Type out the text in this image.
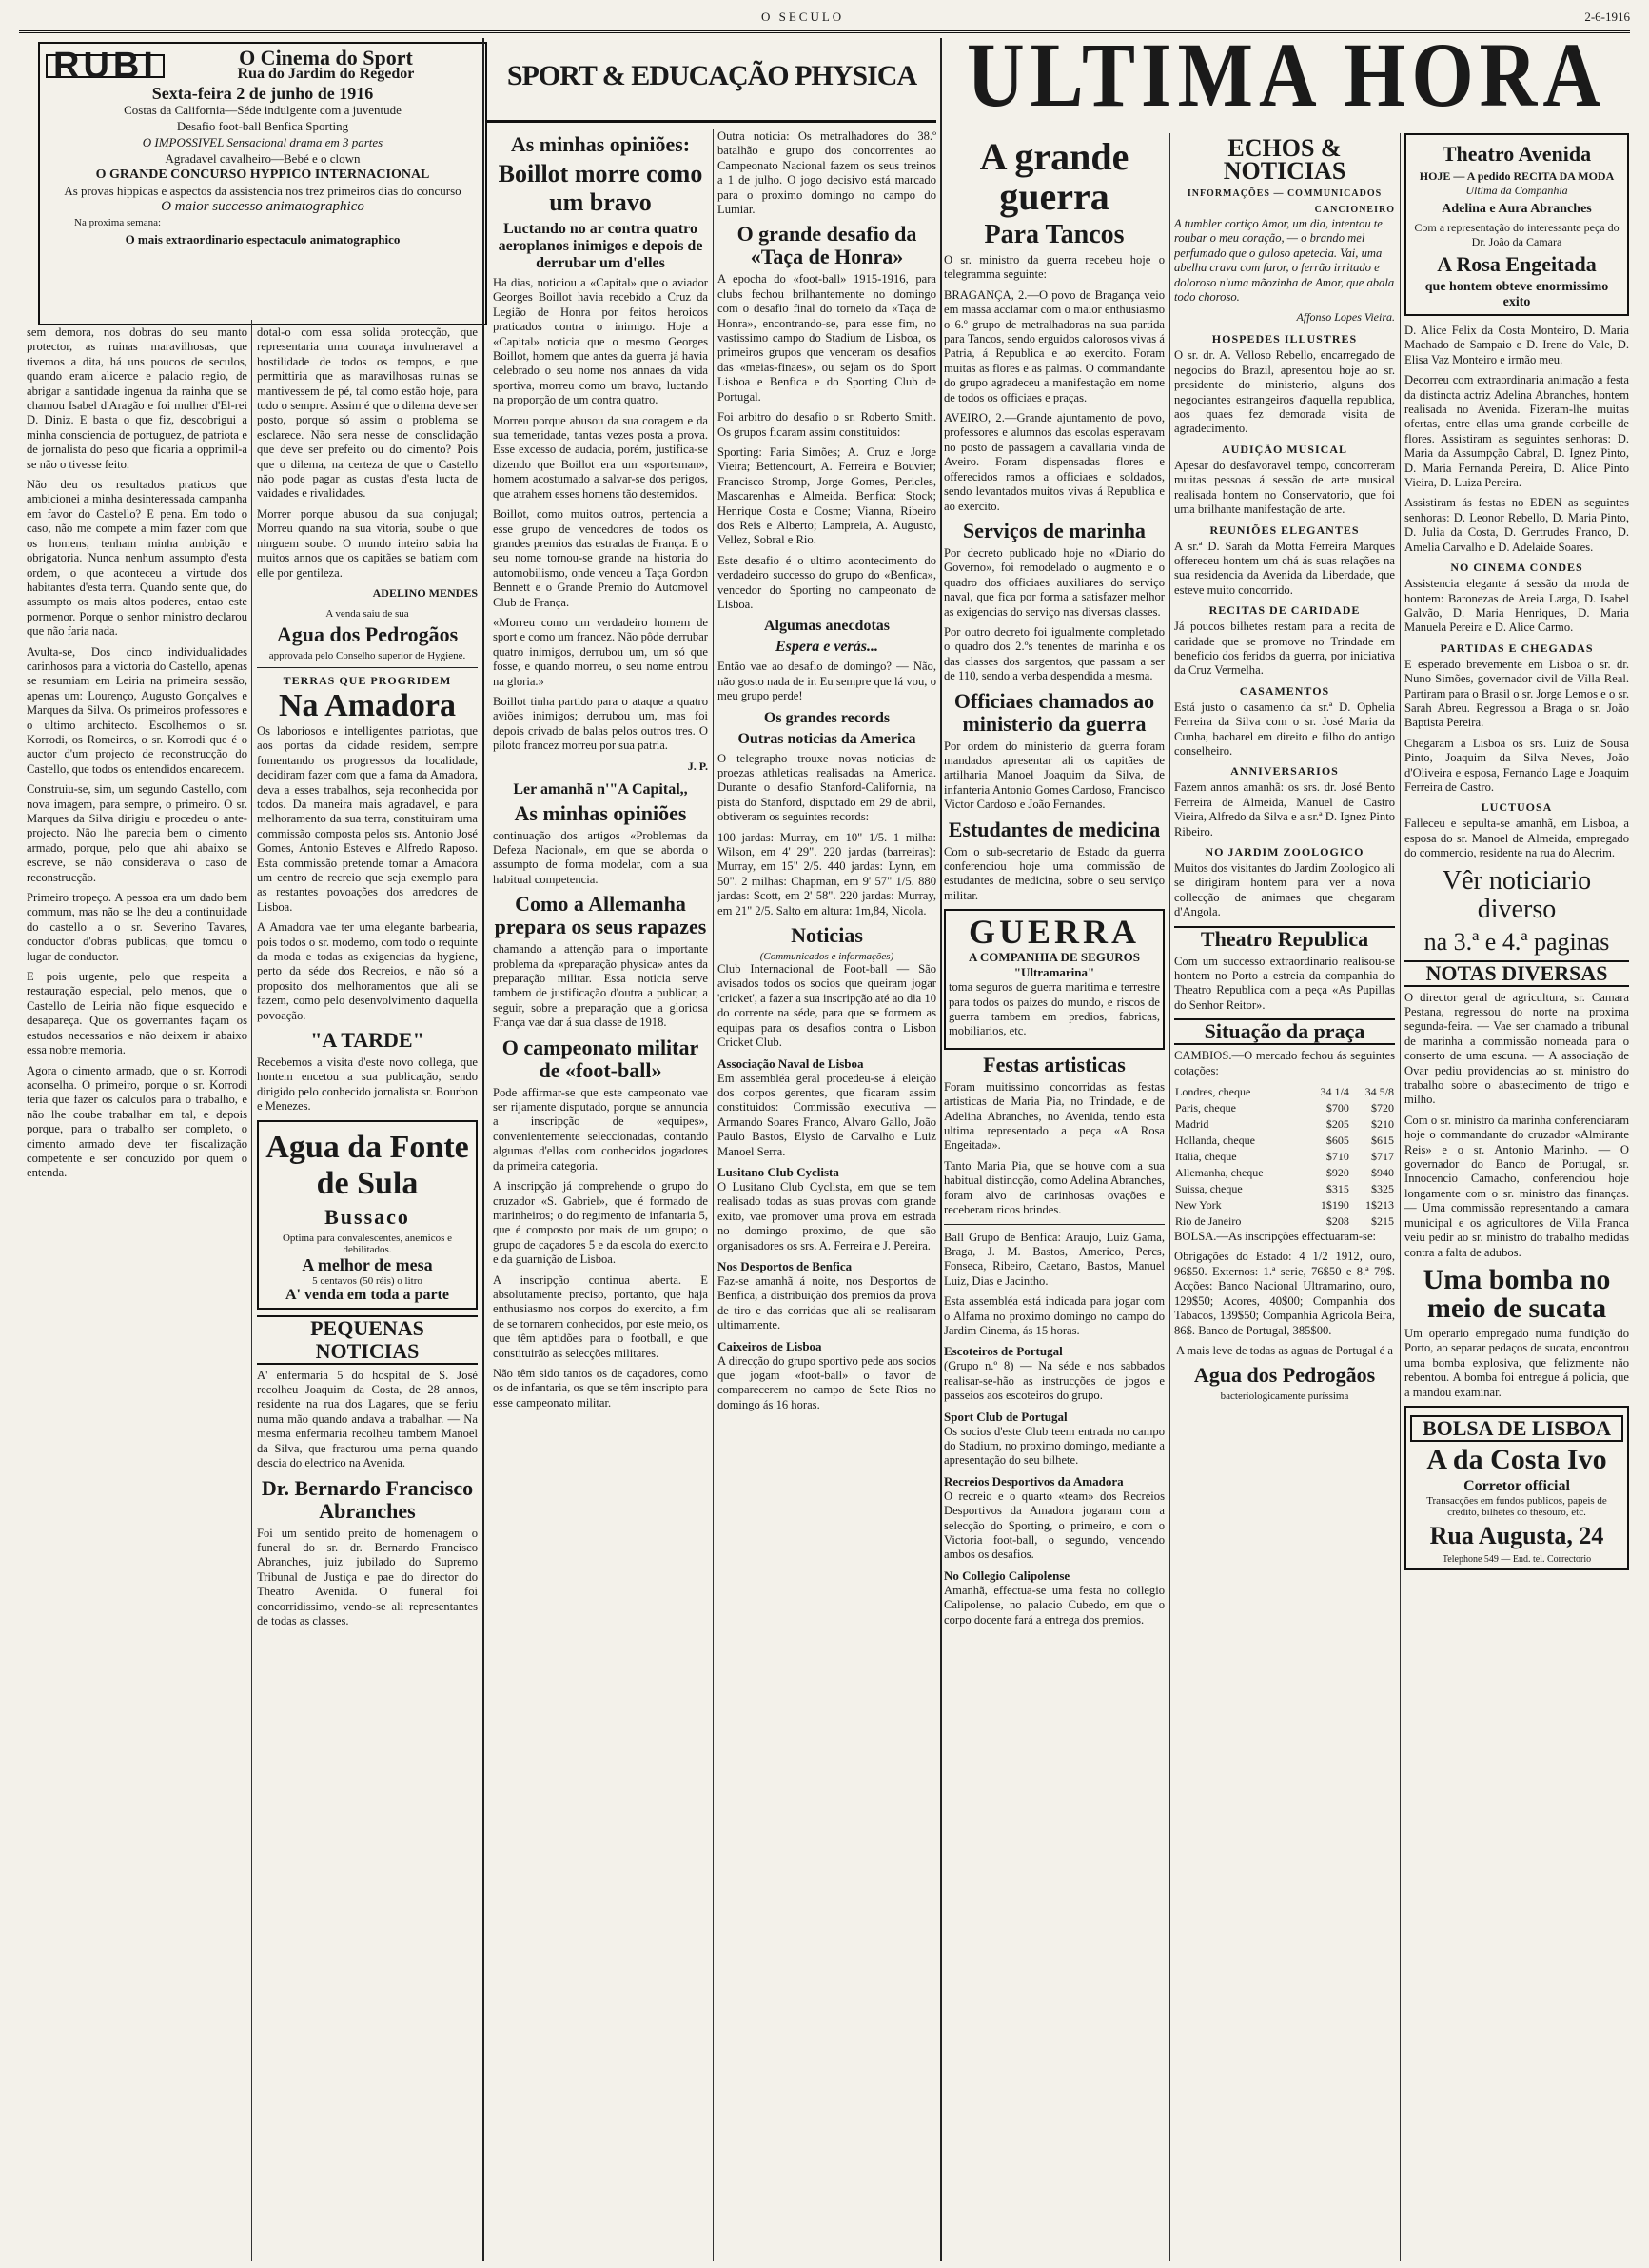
O SECULO	2-6-1916
RUBI	O Cinema do Sport
Rua do Jardim do Regedor
Sexta-feira 2 de junho de 1916
Costas da California—Séde indulgente com a juventude
Desafio foot-ball Benfica Sporting
O IMPOSSIVEL Sensacional drama em 3 partes
Agradavel cavalheiro—Bebé e o clown
O GRANDE CONCURSO HYPPICO INTERNACIONAL
As provas hippicas e aspectos da assistencia nos trez primeiros dias do concurso
O maior successo animatographico
Na proxima semana:
O mais extraordinario espectaculo animatographico

sem demora, nos dobras do seu manto protector, as ruinas maravilhosas, que tivemos a dita, há uns poucos de seculos, quando eram alicerce e palacio regio, de abrigar a santidade ingenua da rainha que se chamou Isabel d'Aragão e foi mulher d'El-rei D. Diniz. E basta o que fiz, descobrigui a minha consciencia de portuguez, de patriota e de jornalista do peso que ficaria a opprimil-a se não o tivesse feito.

Não deu os resultados praticos que ambicionei a minha desinteressada campanha em favor do Castello? E pena. Em todo o caso, não me compete a mim fazer com que os homens, tenham minha ambição e obrigatoria. Nunca nenhum assumpto d'esta ordem, o que aconteceu a virtude dos habitantes d'esta terra. Quando sente que, do assumpto os mais altos poderes, entao este pormenor. Porque o senhor ministro declarou que não faria nada.

Avulta-se, Dos cinco individualidades carinhosos para a victoria do Castello, apenas se resumiam em Leiria na primeira sessão, apenas um: Lourenço, Augusto Gonçalves e Marques da Silva. Os primeiros professores e o ultimo architecto. Escolhemos o sr. Korrodi, os Romeiros, o sr. Korrodi que é o auctor d'um projecto de reconstrucção do Castello, que todos os entendidos encarecem.

Construiu-se, sim, um segundo Castello, com nova imagem, para sempre, o primeiro. O sr. Marques da Silva dirigiu e procedeu o ante-projecto. Não lhe parecia bem o cimento armado, porque, pelo que ahi abaixo se escreve, se não considerava o caso de reconstrucção.

Primeiro tropeço. A pessoa era um dado bem commum, mas não se lhe deu a continuidade do castello a o sr. Severino Tavares, conductor d'obras publicas, que tomou o lugar de conductor.

E pois urgente, pelo que respeita a restauração especial, pelo menos, que o Castello de Leiria não fique esquecido e desapareça. Que os governantes façam os estudos necessarios e não deixem ir abaixo essa nobre memoria.

Agora o cimento armado, que o sr. Korrodi aconselha. O primeiro, porque o sr. Korrodi teria que fazer os calculos para o trabalho, e não lhe coube trabalhar em tal, e depois porque, para o trabalho ser completo, o cimento armado deve ter fiscalização competente e ser conduzido por quem o entenda.

dotal-o com essa solida protecção, que representaria uma couraça invulneravel a hostilidade de todos os tempos, e que permittiria que as maravilhosas ruinas se mantivessem de pé, tal como estão hoje, para todo o sempre. Assim é que o dilema deve ser posto, porque só assim o problema se esclarece. Não sera nesse de consolidação que deve ser prefeito ou do cimento? Pois que o dilema, na certeza de que o Castello não pode pagar as custas d'esta lucta de vaidades e rivalidades.

Morrer porque abusou da sua conjugal; Morreu quando na sua vitoria, soube o que ninguem soube. O mundo inteiro sabia ha muitos annos que os capitães se batiam com elle por gentileza.

ADELINO MENDES
A venda saiu de sua
Agua dos Pedrogãos
approvada pelo Conselho superior de Hygiene.
TERRAS QUE PROGRIDEM
Na Amadora

Os laboriosos e intelligentes patriotas, que aos portas da cidade residem, sempre fomentando os progressos da localidade, decidiram fazer com que a fama da Amadora, deva a esses trabalhos, seja reconhecida por todos. Da maneira mais agradavel, e para melhoramento da sua terra, constituiram uma commissão composta pelos srs. Antonio José Gomes, Antonio Esteves e Alfredo Raposo. Esta commissão pretende tornar a Amadora um centro de recreio que seja exemplo para as restantes povoações dos arredores de Lisboa.

A Amadora vae ter uma elegante barbearia, pois todos o sr. moderno, com todo o requinte da moda e todas as exigencias da hygiene, perto da séde dos Recreios, e não só a proposito dos melhoramentos que ali se fazem, como pelo desenvolvimento d'aquella povoação.

"A TARDE"

Recebemos a visita d'este novo collega, que hontem encetou a sua publicação, sendo dirigido pelo conhecido jornalista sr. Bourbon e Menezes.

Agua da Fonte de Sula
Bussaco
Optima para convalescentes, anemicos e debilitados.
A melhor de mesa
5 centavos (50 réis) o litro
A' venda em toda a parte
PEQUENAS NOTICIAS

A' enfermaria 5 do hospital de S. José recolheu Joaquim da Costa, de 28 annos, residente na rua dos Lagares, que se feriu numa mão quando andava a trabalhar. — Na mesma enfermaria recolheu tambem Manoel da Silva, que fracturou uma perna quando descia do electrico na Avenida.

Dr. Bernardo Francisco Abranches

Foi um sentido preito de homenagem o funeral do sr. dr. Bernardo Francisco Abranches, juiz jubilado do Supremo Tribunal de Justiça e pae do director do Theatro Avenida. O funeral foi concorridissimo, vendo-se ali representantes de todas as classes.

SPORT & EDUCAÇÃO PHYSICA
As minhas opiniões:
Boillot morre como um bravo
Luctando no ar contra quatro aeroplanos inimigos e depois de derrubar um d'elles

Ha dias, noticiou a «Capital» que o aviador Georges Boillot havia recebido a Cruz da Legião de Honra por feitos heroicos praticados contra o inimigo. Hoje a «Capital» noticia que o mesmo Georges Boillot, homem que antes da guerra já havia celebrado o seu nome nos annaes da vida sportiva, morreu como um bravo, luctando na proporção de um contra quatro.

Morreu porque abusou da sua coragem e da sua temeridade, tantas vezes posta a prova. Esse excesso de audacia, porém, justifica-se dizendo que Boillot era um «sportsman», homem acostumado a salvar-se dos perigos, que atrahem esses homens tão destemidos.

Boillot, como muitos outros, pertencia a esse grupo de vencedores de todos os grandes premios das estradas de França. E o seu nome tornou-se grande na historia do automobilismo, onde venceu a Taça Gordon Bennett e o Grande Premio do Automovel Club de França.

«Morreu como um verdadeiro homem de sport e como um francez. Não pôde derrubar quatro inimigos, derrubou um, um só que fosse, e quando morreu, o seu nome entrou na gloria.»

Boillot tinha partido para o ataque a quatro aviões inimigos; derrubou um, mas foi depois crivado de balas pelos outros tres. O piloto francez morreu por sua patria.

J. P.
Ler amanhã n'"A Capital,,
As minhas opiniões

continuação dos artigos «Problemas da Defeza Nacional», em que se aborda o assumpto de forma modelar, com a sua habitual competencia.

Como a Allemanha prepara os seus rapazes

chamando a attenção para o importante problema da «preparação physica» antes da preparação militar. Essa noticia serve tambem de justificação d'outra a publicar, a seguir, sobre a preparação que a gloriosa França vae dar á sua classe de 1918.

O campeonato militar de «foot-ball»

Pode affirmar-se que este campeonato vae ser rijamente disputado, porque se annuncia a inscripção de «equipes», convenientemente seleccionadas, contando algumas d'ellas com conhecidos jogadores da primeira categoria.

A inscripção já comprehende o grupo do cruzador «S. Gabriel», que é formado de marinheiros; o do regimento de infantaria 5, que é composto por mais de um grupo; o grupo de caçadores 5 e da escola do exercito e da guarnição de Lisboa.

A inscripção continua aberta. E absolutamente preciso, portanto, que haja enthusiasmo nos corpos do exercito, a fim de se tornarem conhecidos, por este meio, os que têm aptidões para o football, e que constituirão as selecções militares.

Não têm sido tantos os de caçadores, como os de infantaria, os que se têm inscripto para esse campeonato militar.

Outra noticia: Os metralhadores do 38.º batalhão e grupo dos concorrentes ao Campeonato Nacional fazem os seus treinos a 1 de julho. O jogo decisivo está marcado para o proximo domingo no campo do Lumiar.

O grande desafio da «Taça de Honra»

A epocha do «foot-ball» 1915-1916, para clubs fechou brilhantemente no domingo com o desafio final do torneio da «Taça de Honra», encontrando-se, para esse fim, no vastissimo campo do Stadium de Lisboa, os primeiros grupos que venceram os desafios das «meias-finaes», ou sejam os do Sport Lisboa e Benfica e do Sporting Club de Portugal.

Foi arbitro do desafio o sr. Roberto Smith. Os grupos ficaram assim constituidos:

Sporting: Faria Simões; A. Cruz e Jorge Vieira; Bettencourt, A. Ferreira e Bouvier; Francisco Stromp, Jorge Gomes, Pericles, Mascarenhas e Almeida. Benfica: Stock; Henrique Costa e Cosme; Vianna, Ribeiro dos Reis e Alberto; Lampreia, A. Augusto, Vellez, Sobral e Rio.

Este desafio é o ultimo acontecimento do verdadeiro successo do grupo do «Benfica», vencedor do Sporting no campeonato de Lisboa.

Algumas anecdotas
Espera e verás...

Então vae ao desafio de domingo? — Não, não gosto nada de ir. Eu sempre que lá vou, o meu grupo perde!

Os grandes records
Outras noticias da America

O telegrapho trouxe novas noticias de proezas athleticas realisadas na America. Durante o desafio Stanford-California, na pista do Stanford, disputado em 29 de abril, obtiveram os seguintes records:

100 jardas: Murray, em 10" 1/5. 1 milha: Wilson, em 4' 29". 220 jardas (barreiras): Murray, em 15" 2/5. 440 jardas: Lynn, em 50". 2 milhas: Chapman, em 9' 57" 1/5. 880 jardas: Scott, em 2' 58". 220 jardas: Murray, em 21" 2/5. Salto em altura: 1m,84, Nicola.

Noticias
(Communicados e informações)

Club Internacional de Foot-ball — São avisados todos os socios que queiram jogar 'cricket', a fazer a sua inscripção até ao dia 10 do corrente na séde, para que se formem as equipas para os desafios contra o Lisbon Cricket Club.

Associação Naval de Lisboa

Em assembléa geral procedeu-se á eleição dos corpos gerentes, que ficaram assim constituidos: Commissão executiva — Armando Soares Franco, Alvaro Gallo, João Paulo Bastos, Elysio de Carvalho e Luiz Manoel Serra.

Lusitano Club Cyclista

O Lusitano Club Cyclista, em que se tem realisado todas as suas provas com grande exito, vae promover uma prova em estrada no domingo proximo, de que são organisadores os srs. A. Ferreira e J. Pereira.

Nos Desportos de Benfica

Faz-se amanhã á noite, nos Desportos de Benfica, a distribuição dos premios da prova de tiro e das corridas que ali se realisaram ultimamente.

Caixeiros de Lisboa

A direcção do grupo sportivo pede aos socios que jogam «foot-ball» o favor de comparecerem no campo de Sete Rios no domingo ás 16 horas.

ULTIMA HORA
A grande guerra
Para Tancos

O sr. ministro da guerra recebeu hoje o telegramma seguinte:

BRAGANÇA, 2.—O povo de Bragança veio em massa acclamar com o maior enthusiasmo o 6.º grupo de metralhadoras na sua partida para Tancos, sendo erguidos calorosos vivas á Patria, á Republica e ao exercito. Foram muitas as flores e as palmas. O commandante do grupo agradeceu a manifestação em nome de todos os officiaes e praças.

AVEIRO, 2.—Grande ajuntamento de povo, professores e alumnos das escolas esperavam no posto de passagem a cavallaria vinda de Aveiro. Foram dispensadas flores e offerecidos ramos a officiaes e soldados, sendo levantados muitos vivas á Republica e ao exercito.

Serviços de marinha

Por decreto publicado hoje no «Diario do Governo», foi remodelado o augmento e o quadro dos officiaes auxiliares do serviço naval, que fica por forma a satisfazer melhor as exigencias do serviço nas diversas classes.

Por outro decreto foi igualmente completado o quadro dos 2.ºs tenentes de marinha e os das classes dos sargentos, que passam a ser de 110, sendo a verba despendida a mesma.

Officiaes chamados ao ministerio da guerra

Por ordem do ministerio da guerra foram mandados apresentar ali os capitães de artilharia Manoel Joaquim da Silva, de infanteria Antonio Gomes Cardoso, Francisco Victor Cardoso e João Fernandes.

Estudantes de medicina

Com o sub-secretario de Estado da guerra conferenciou hoje uma commissão de estudantes de medicina, sobre o seu serviço militar.

GUERRA
A COMPANHIA DE SEGUROS "Ultramarina"

toma seguros de guerra maritima e terrestre para todos os paizes do mundo, e riscos de guerra tambem em predios, fabricas, mobiliarios, etc.

Festas artisticas

Foram muitissimo concorridas as festas artisticas de Maria Pia, no Trindade, e de Adelina Abranches, no Avenida, tendo esta ultima representado a peça «A Rosa Engeitada».

Tanto Maria Pia, que se houve com a sua habitual distincção, como Adelina Abranches, foram alvo de carinhosas ovações e receberam ricos brindes.

Ball Grupo de Benfica: Araujo, Luiz Gama, Braga, J. M. Bastos, Americo, Percs, Fonseca, Ribeiro, Caetano, Bastos, Manuel Luiz, Dias e Jacintho.

Esta assembléa está indicada para jogar com o Alfama no proximo domingo no campo do Jardim Cinema, ás 15 horas.

Escoteiros de Portugal

(Grupo n.º 8) — Na séde e nos sabbados realisar-se-hão as instrucções de jogos e passeios aos escoteiros do grupo.

Sport Club de Portugal

Os socios d'este Club teem entrada no campo do Stadium, no proximo domingo, mediante a apresentação do seu bilhete.

Recreios Desportivos da Amadora

O recreio e o quarto «team» dos Recreios Desportivos da Amadora jogaram com a selecção do Sporting, o primeiro, e com o Victoria foot-ball, o segundo, vencendo ambos os desafios.

No Collegio Calipolense

Amanhã, effectua-se uma festa no collegio Calipolense, no palacio Cubedo, em que o corpo docente fará a entrega dos premios.

ECHOS & NOTICIAS
INFORMAÇÕES — COMMUNICADOS
CANCIONEIRO

A tumbler cortiço Amor, um dia, intentou te roubar o meu coração, — o brando mel perfumado que o guloso apetecia. Vai, uma abelha crava com furor, o ferrão irritado e doloroso n'uma mãozinha de Amor, que abala todo choroso.

Affonso Lopes Vieira.
HOSPEDES ILLUSTRES

O sr. dr. A. Velloso Rebello, encarregado de negocios do Brazil, apresentou hoje ao sr. presidente do ministerio, alguns dos negociantes estrangeiros d'aquella republica, aos quaes fez demorada visita de agradecimento.

AUDIÇÃO MUSICAL

Apesar do desfavoravel tempo, concorreram muitas pessoas á sessão de arte musical realisada hontem no Conservatorio, que foi uma brilhante manifestação de arte.

REUNIÕES ELEGANTES

A sr.ª D. Sarah da Motta Ferreira Marques offereceu hontem um chá ás suas relações na sua residencia da Avenida da Liberdade, que esteve muito concorrido.

RECITAS DE CARIDADE

Já poucos bilhetes restam para a recita de caridade que se promove no Trindade em beneficio dos feridos da guerra, por iniciativa da Cruz Vermelha.

CASAMENTOS

Está justo o casamento da sr.ª D. Ophelia Ferreira da Silva com o sr. José Maria da Cunha, bacharel em direito e filho do antigo conselheiro.

ANNIVERSARIOS

Fazem annos amanhã: os srs. dr. José Bento Ferreira de Almeida, Manuel de Castro Vieira, Alfredo da Silva e a sr.ª D. Ignez Pinto Ribeiro.

NO JARDIM ZOOLOGICO

Muitos dos visitantes do Jardim Zoologico ali se dirigiram hontem para ver a nova collecção de animaes que chegaram d'Angola.

Theatro Republica

Com um successo extraordinario realisou-se hontem no Porto a estreia da companhia do Theatro Republica com a peça «As Pupillas do Senhor Reitor».

Situação da praça

CAMBIOS.—O mercado fechou ás seguintes cotações:

Londres, cheque	34 1/4	34 5/8
Paris, cheque	$700	$720
Madrid	$205	$210
Hollanda, cheque	$605	$615
Italia, cheque	$710	$717
Allemanha, cheque	$920	$940
Suissa, cheque	$315	$325
New York	1$190	1$213
Rio de Janeiro	$208	$215

BOLSA.—As inscripções effectuaram-se:

Obrigações do Estado: 4 1/2 1912, ouro, 96$50. Externos: 1.ª serie, 76$50 e 8.ª 79$. Acções: Banco Nacional Ultramarino, ouro, 129$50; Acores, 40$00; Companhia dos Tabacos, 139$50; Companhia Agricola Beira, 86$. Banco de Portugal, 385$00.

A mais leve de todas as aguas de Portugal é a

Agua dos Pedrogãos
bacteriologicamente puríssima
Theatro Avenida
HOJE — A pedido RECITA DA MODA
Ultima da Companhia
Adelina e Aura Abranches
Com a representação do interessante peça do Dr. João da Camara
A Rosa Engeitada
que hontem obteve enormissimo exito

D. Alice Felix da Costa Monteiro, D. Maria Machado de Sampaio e D. Irene do Vale, D. Elisa Vaz Monteiro e irmão meu.

Decorreu com extraordinaria animação a festa da distincta actriz Adelina Abranches, hontem realisada no Avenida. Fizeram-lhe muitas ofertas, entre ellas uma grande corbeille de flores. Assistiram as seguintes senhoras: D. Maria da Assumpção Cabral, D. Ignez Pinto, D. Maria Fernanda Pereira, D. Alice Pinto Vieira, D. Luiza Pereira.

Assistiram ás festas no EDEN as seguintes senhoras: D. Leonor Rebello, D. Maria Pinto, D. Julia da Costa, D. Gertrudes Franco, D. Amelia Carvalho e D. Adelaide Soares.

NO CINEMA CONDES

Assistencia elegante á sessão da moda de hontem: Baronezas de Areia Larga, D. Isabel Galvão, D. Maria Henriques, D. Maria Manuela Pereira e D. Alice Carmo.

PARTIDAS E CHEGADAS

E esperado brevemente em Lisboa o sr. dr. Nuno Simões, governador civil de Villa Real. Partiram para o Brasil o sr. Jorge Lemos e o sr. Sarah Abreu. Regressou a Braga o sr. João Baptista Pereira.

Chegaram a Lisboa os srs. Luiz de Sousa Pinto, Joaquim da Silva Neves, João d'Oliveira e esposa, Fernando Lage e Joaquim Ferreira de Castro.

LUCTUOSA

Falleceu e sepulta-se amanhã, em Lisboa, a esposa do sr. Manoel de Almeida, empregado do commercio, residente na rua do Alecrim.

Vêr noticiario diverso
na 3.ª e 4.ª paginas
NOTAS DIVERSAS

O director geral de agricultura, sr. Camara Pestana, regressou do norte na proxima segunda-feira. — Vae ser chamado a tribunal de marinha a commissão nomeada para o conserto de uma escuna. — A associação de Ovar pediu providencias ao sr. ministro do trabalho sobre o abastecimento de trigo e milho.

Com o sr. ministro da marinha conferenciaram hoje o commandante do cruzador «Almirante Reis» e o sr. Antonio Marinho. — O governador do Banco de Portugal, sr. Innocencio Camacho, conferenciou hoje longamente com o sr. ministro das finanças. — Uma commissão representando a camara municipal e os agricultores de Villa Franca veiu pedir ao sr. ministro do trabalho medidas contra a falta de adubos.

Uma bomba no meio de sucata

Um operario empregado numa fundição do Porto, ao separar pedaços de sucata, encontrou uma bomba explosiva, que felizmente não rebentou. A bomba foi entregue á policia, que a mandou examinar.

BOLSA DE LISBOA
A da Costa Ivo
Corretor official
Transacções em fundos publicos, papeis de credito, bilhetes do thesouro, etc.
Rua Augusta, 24
Telephone 549 — End. tel. Correctorio
